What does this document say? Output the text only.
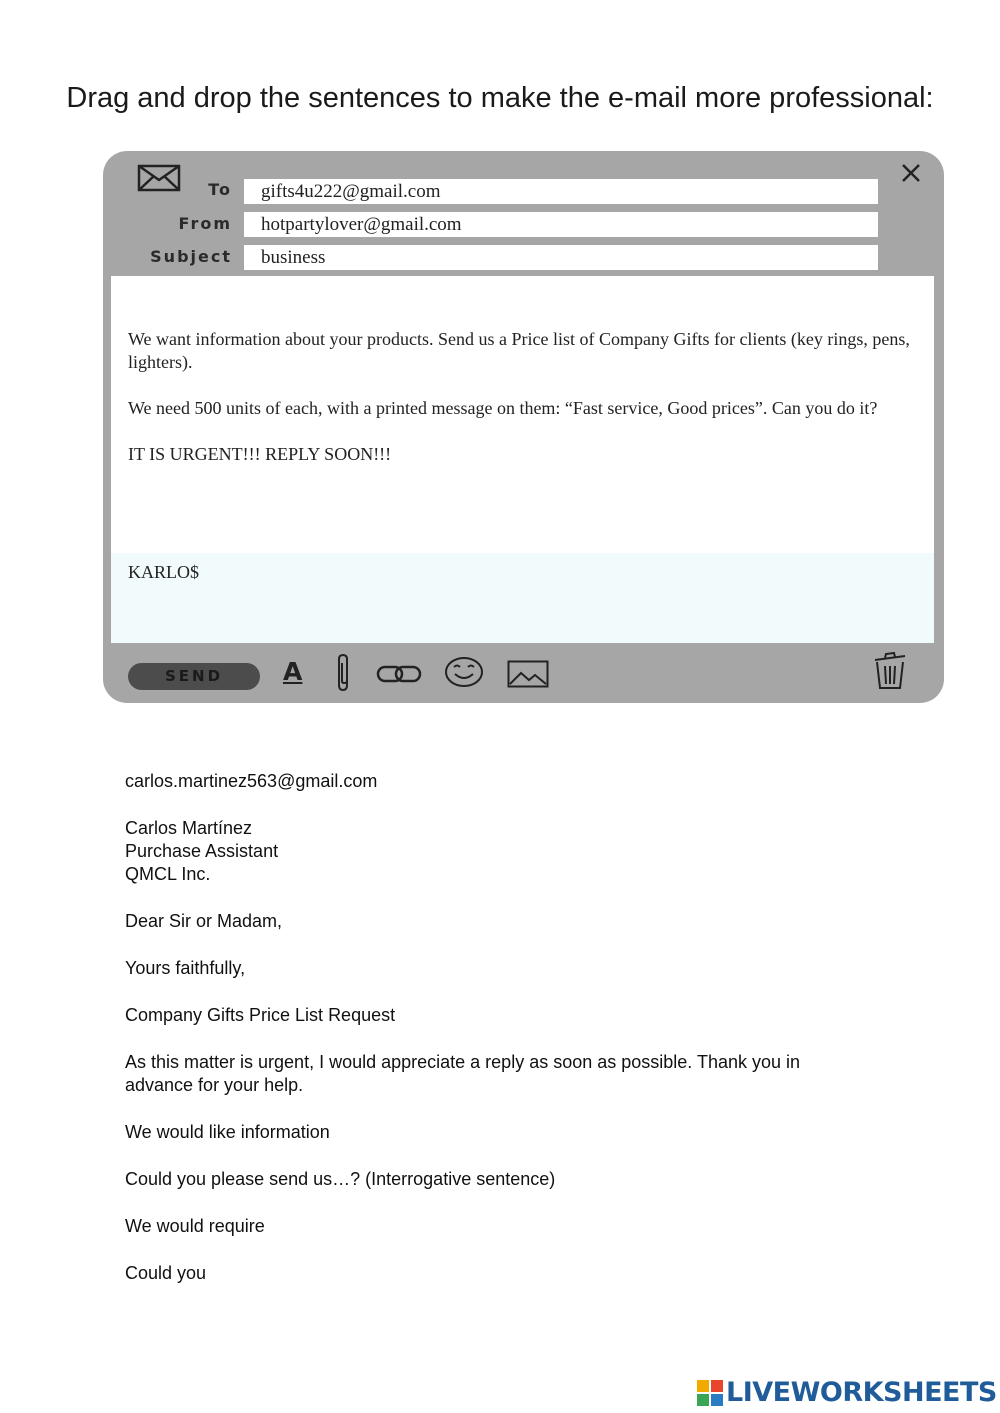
Drag and drop the sentences to make the e-mail more professional:
To	gifts4u222@gmail.com
From	hotpartylover@gmail.com
Subject	business

We want information about your products. Send us a Price list of Company Gifts for clients (key rings, pens, lighters).

We need 500 units of each, with a printed message on them: “Fast service, Good prices”. Can you do it?

IT IS URGENT!!! REPLY SOON!!!

KARLO$
SEND	A
carlos.martinez563@gmail.com
Carlos Martínez
Purchase Assistant
QMCL Inc.
Dear Sir or Madam,
Yours faithfully,
Company Gifts Price List Request
As this matter is urgent, I would appreciate a reply as soon as possible. Thank you in advance for your help.
We would like information
Could you please send us…? (Interrogative sentence)
We would require
Could you
LIVEWORKSHEETS
